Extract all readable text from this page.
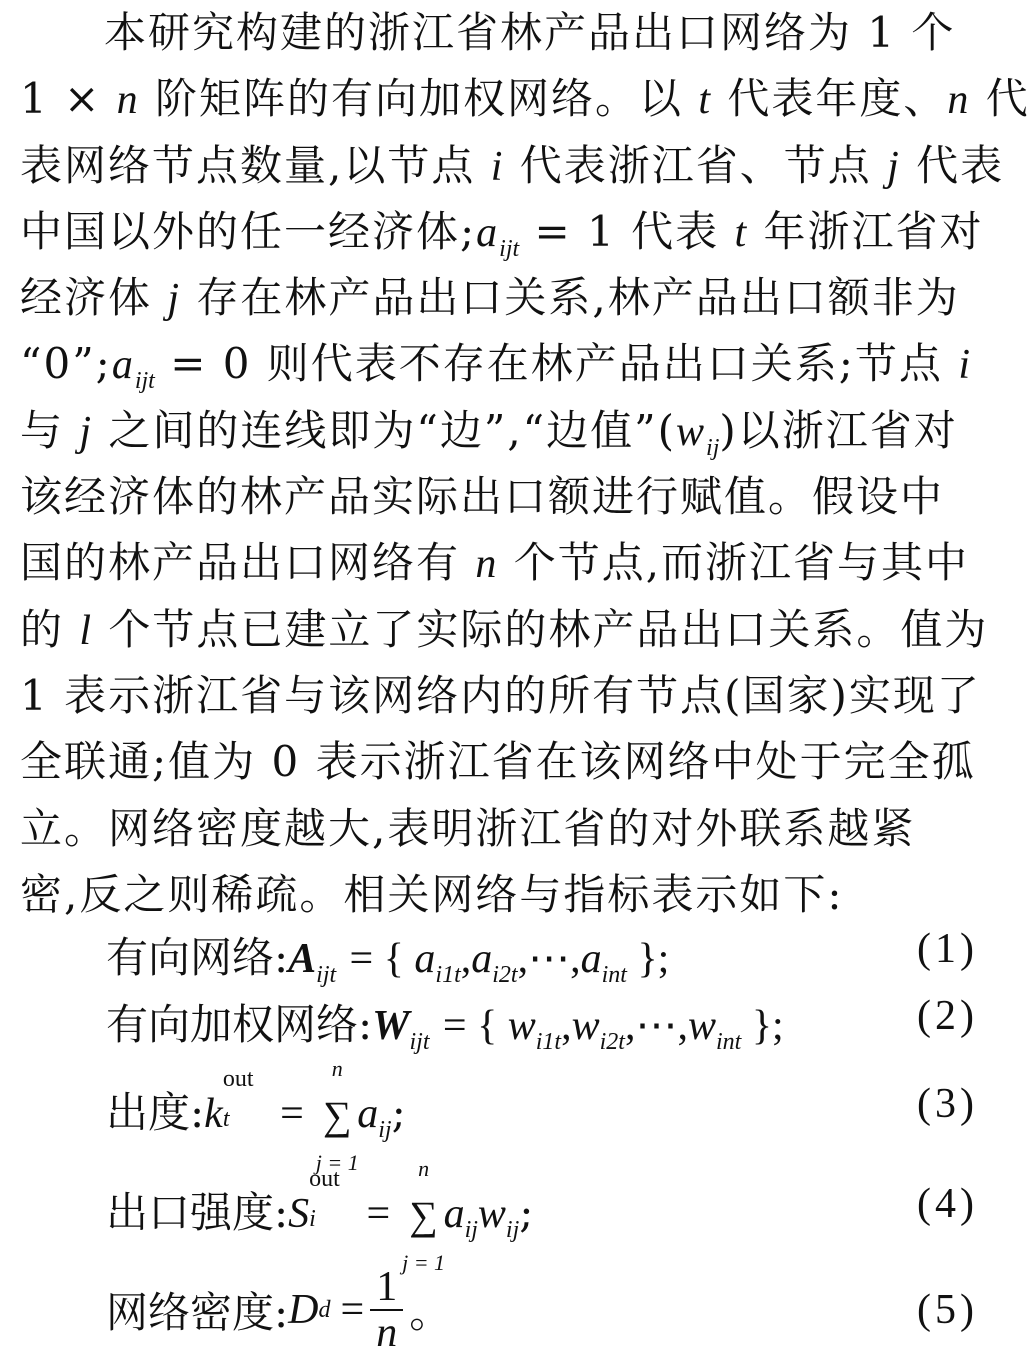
本研究构建的浙江省林产品出口网络为 1 个
1 × n 阶矩阵的有向加权网络。以 t 代表年度、n 代
表网络节点数量,以节点 i 代表浙江省、节点 j 代表
中国以外的任一经济体$;a_{ijt} = 1$ 代表 t 年浙江省对
经济体 j 存在林产品出口关系,林产品出口额非为
“$0”;a_{ijt} = 0$ 则代表不存在林产品出口关系;节点 i
与 j 之间的连线即为“边”,“边值$”(w_{ij})$以浙江省对
该经济体的林产品实际出口额进行赋值。假设中
国的林产品出口网络有 n 个节点,而浙江省与其中
的 l 个节点已建立了实际的林产品出口关系。值为
1 表示浙江省与该网络内的所有节点(国家)实现了
全联通;值为 0 表示浙江省在该网络中处于完全孤
立。网络密度越大,表明浙江省的对外联系越紧
密,反之则稀疏。相关网络与指标表示如下:
有向网络$:A_{ijt}$ = { $a_{i1t},a_{i2t},\cdots,a_{int}$ };	(1)
有向加权网络$:W_{ijt}$ = { $w_{i1t},w_{i2t},\cdots,w_{int}$ };	(2)
出度:k
out
t =
n
∑
j = 1
$a_{ij}$;	(3)
出口强度:S
out
i =
n
∑
j = 1
$a_{ij}w_{ij}$;	(4)
网络密度: D $d = \frac{1}{n}$ 。	(5)
